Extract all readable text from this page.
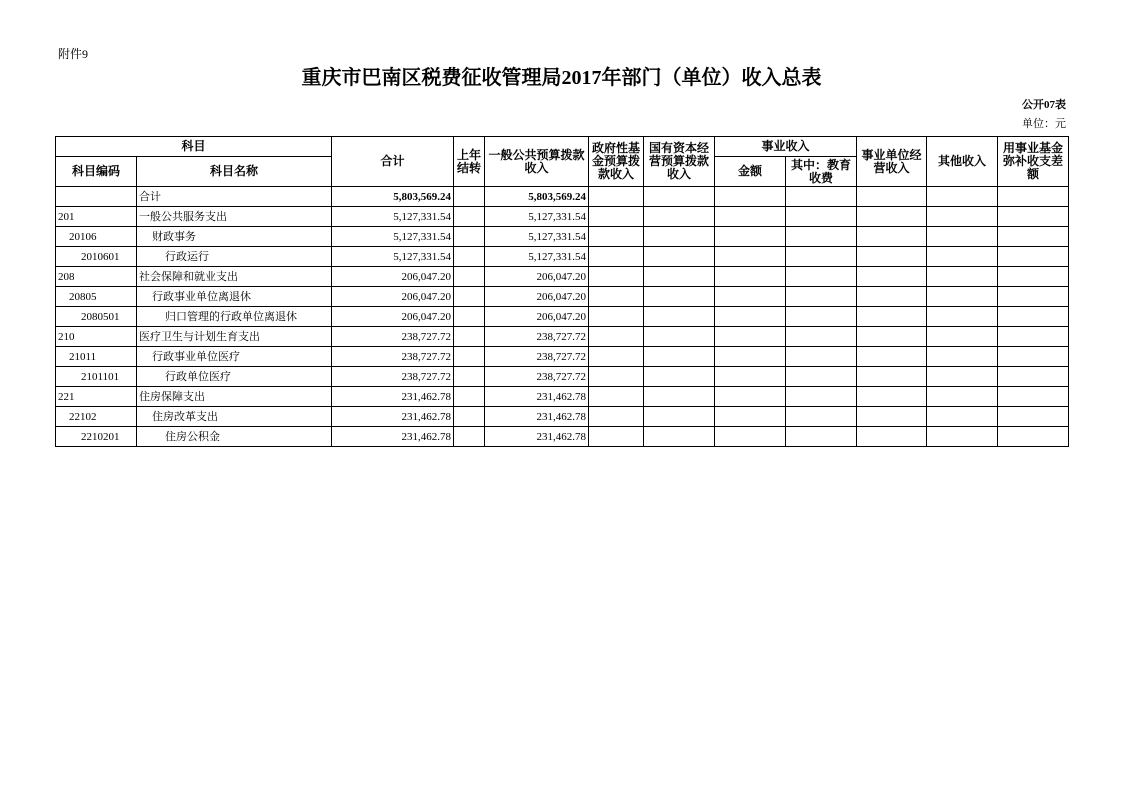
附件9
重庆市巴南区税费征收管理局2017年部门（单位）收入总表
公开07表
单位：元
科目		合计	上年结转	一般公共预算拨款收入	政府性基金预算拨款收入	国有资本经营预算拨款收入	事业收入		事业单位经营收入	其他收入	用事业基金弥补收支差额
科目编码	科目名称						金额	其中：教育收费			
	合计	5,803,569.24		5,803,569.24							
201	一般公共服务支出	5,127,331.54		5,127,331.54							
20106	财政事务	5,127,331.54		5,127,331.54							
2010601	行政运行	5,127,331.54		5,127,331.54							
208	社会保障和就业支出	206,047.20		206,047.20							
20805	行政事业单位离退休	206,047.20		206,047.20							
2080501	归口管理的行政单位离退休	206,047.20		206,047.20							
210	医疗卫生与计划生育支出	238,727.72		238,727.72							
21011	行政事业单位医疗	238,727.72		238,727.72							
2101101	行政单位医疗	238,727.72		238,727.72							
221	住房保障支出	231,462.78		231,462.78							
22102	住房改革支出	231,462.78		231,462.78							
2210201	住房公积金	231,462.78		231,462.78							
